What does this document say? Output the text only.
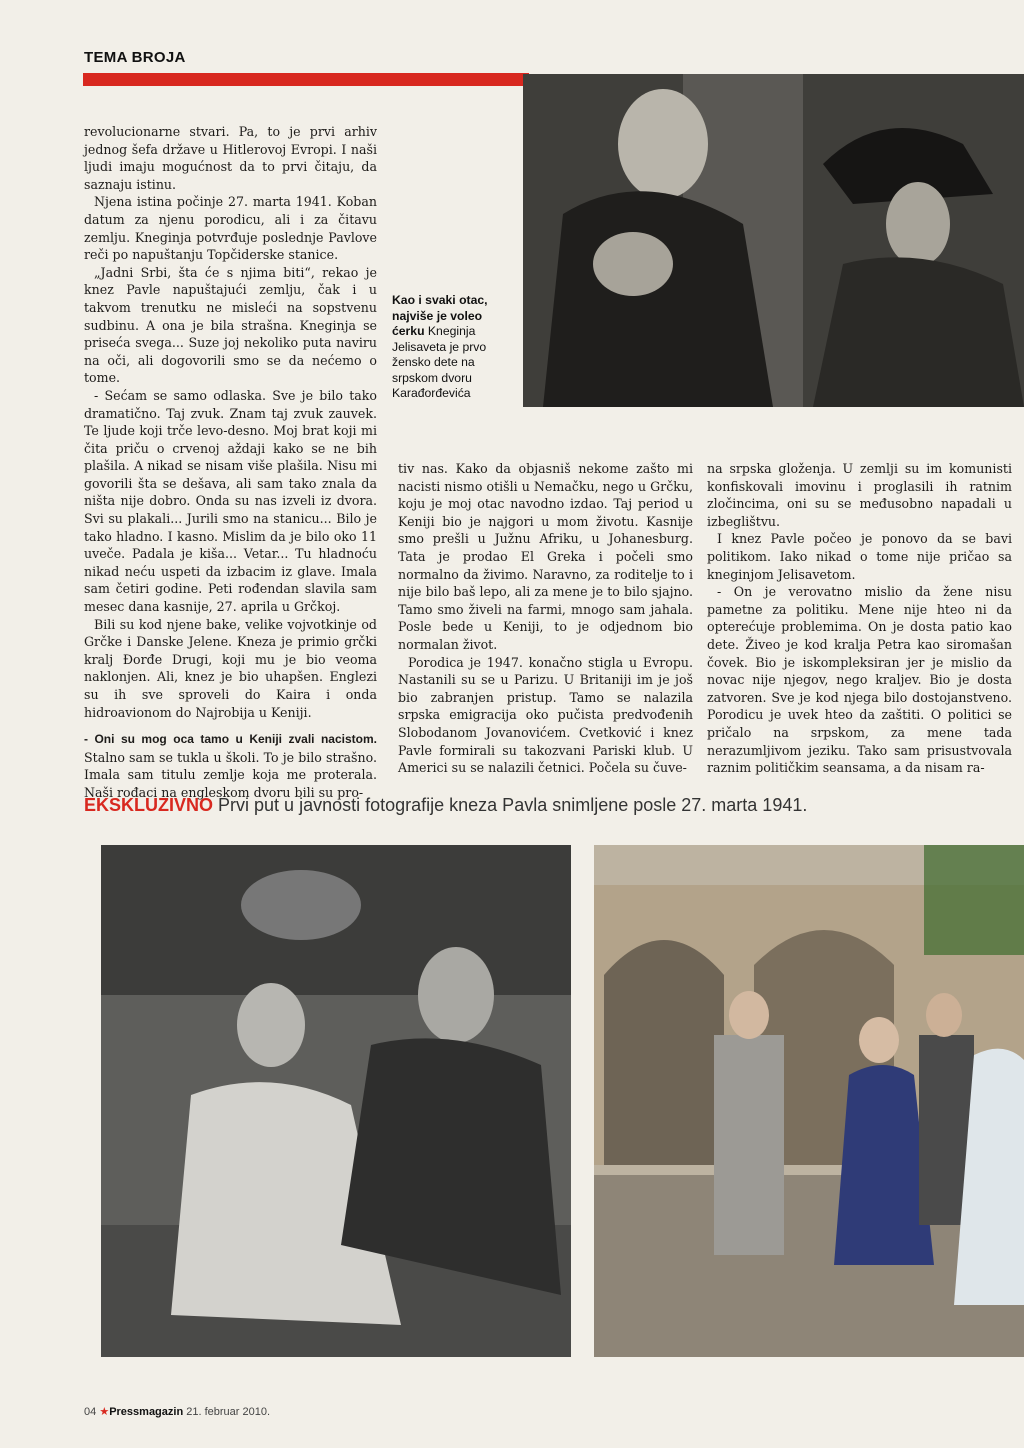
TEMA BROJA
Kao i svaki otac, najviše je voleo ćerku Kneginja Jelisaveta je prvo žensko dete na srpskom dvoru Karađorđevića

revolucionarne stvari. Pa, to je prvi arhiv jednog šefa države u Hitlerovoj Evropi. I naši ljudi imaju mogućnost da to prvi čitaju, da saznaju istinu.

Njena istina počinje 27. marta 1941. Koban datum za njenu porodicu, ali i za čitavu zemlju. Kneginja potvrđuje poslednje Pavlove reči po napuštanju Topčiderske stanice.

„Jadni Srbi, šta će s njima biti“, rekao je knez Pavle napuštajući zemlju, čak i u takvom trenutku ne misleći na sopstvenu sudbinu. A ona je bila strašna. Kneginja se priseća svega... Suze joj nekoliko puta naviru na oči, ali dogovorili smo se da nećemo o tome.

- Sećam se samo odlaska. Sve je bilo tako dramatično. Taj zvuk. Znam taj zvuk zauvek. Te ljude koji trče levo-desno. Moj brat koji mi čita priču o crvenoj aždaji kako se ne bih plašila. A nikad se nisam više plašila. Nisu mi govorili šta se dešava, ali sam tako znala da ništa nije dobro. Onda su nas izveli iz dvora. Svi su plakali... Jurili smo na stanicu... Bilo je tako hladno. I kasno. Mislim da je bilo oko 11 uveče. Padala je kiša... Vetar... Tu hladnoću nikad neću uspeti da izbacim iz glave. Imala sam četiri godine. Peti rođendan slavila sam mesec dana kasnije, 27. aprila u Grčkoj.

Bili su kod njene bake, velike vojvotkinje od Grčke i Danske Jelene. Kneza je primio grčki kralj Đorđe Drugi, koji mu je bio veoma naklonjen. Ali, knez je bio uhapšen. Englezi su ih sve sproveli do Kaira i onda hidroavionom do Najrobija u Keniji.

- Oni su mog oca tamo u Keniji zvali nacistom. Stalno sam se tukla u školi. To je bilo strašno. Imala sam titulu zemlje koja me proterala. Naši rođaci na engleskom dvoru bili su pro-

tiv nas. Kako da objasniš nekome zašto mi nacisti nismo otišli u Nemačku, nego u Grčku, koju je moj otac navodno izdao. Taj period u Keniji bio je najgori u mom životu. Kasnije smo prešli u Južnu Afriku, u Johanesburg. Tata je prodao El Greka i počeli smo normalno da živimo. Naravno, za roditelje to i nije bilo baš lepo, ali za mene je to bilo sjajno. Tamo smo živeli na farmi, mnogo sam jahala. Posle bede u Keniji, to je odjednom bio normalan život.

Porodica je 1947. konačno stigla u Evropu. Nastanili su se u Parizu. U Britaniji im je još bio zabranjen pristup. Tamo se nalazila srpska emigracija oko pučista predvođenih Slobodanom Jovanovićem. Cvetković i knez Pavle formirali su takozvani Pariski klub. U Americi su se nalazili četnici. Počela su čuve-

na srpska gloženja. U zemlji su im komunisti konfiskovali imovinu i proglasili ih ratnim zločincima, oni su se međusobno napadali u izbeglištvu.

I knez Pavle počeo je ponovo da se bavi politikom. Iako nikad o tome nije pričao sa kneginjom Jelisavetom.

- On je verovatno mislio da žene nisu pametne za politiku. Mene nije hteo ni da opterećuje problemima. On je dosta patio kao dete. Živeo je kod kralja Petra kao siromašan čovek. Bio je iskompleksiran jer je mislio da novac nije njegov, nego kraljev. Bio je dosta zatvoren. Sve je kod njega bilo dostojanstveno. Porodicu je uvek hteo da zaštiti. O politici se pričalo na srpskom, za mene tada nerazumljivom jeziku. Tako sam prisustvovala raznim političkim seansama, a da nisam ra-

EKSKLUZIVNO Prvi put u javnosti fotografije kneza Pavla snimljene posle 27. marta 1941.
04 ★Pressmagazin 21. februar 2010.
